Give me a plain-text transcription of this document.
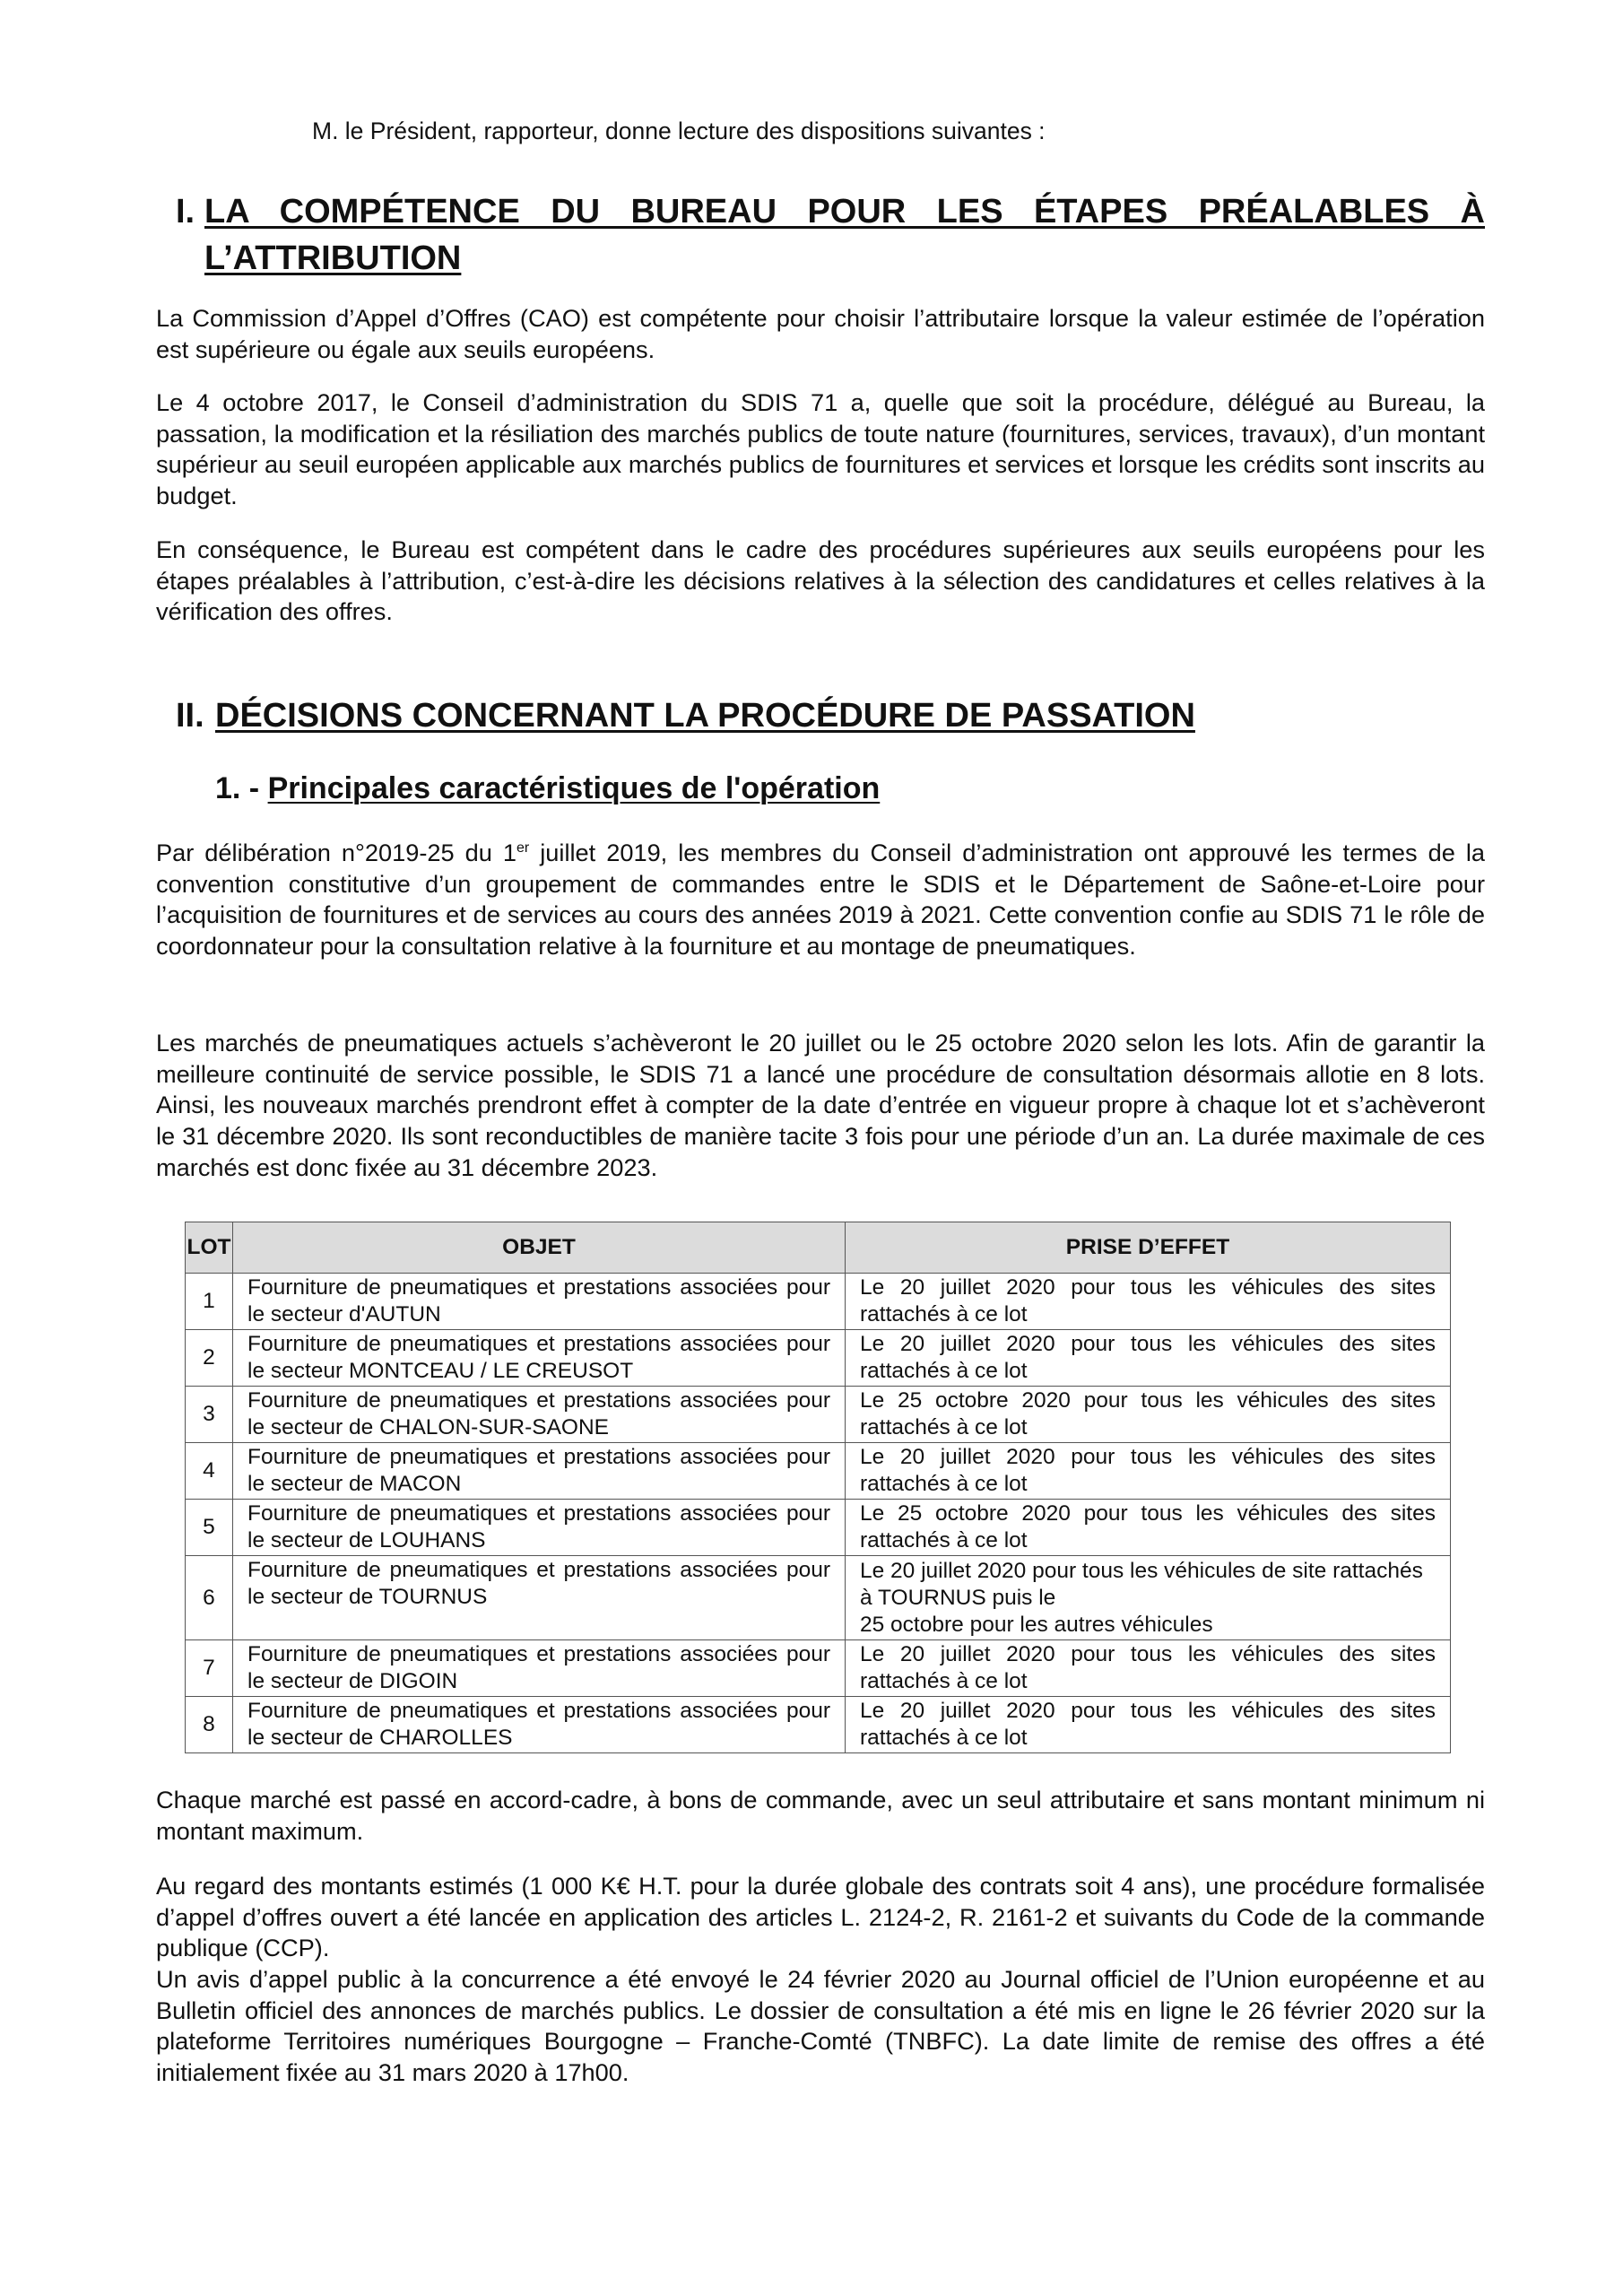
M. le Président, rapporteur, donne lecture des dispositions suivantes :
I. LA COMPÉTENCE DU BUREAU POUR LES ÉTAPES PRÉALABLES À L’ATTRIBUTION

La Commission d’Appel d’Offres (CAO) est compétente pour choisir l’attributaire lorsque la valeur estimée de l’opération est supérieure ou égale aux seuils européens.

Le 4 octobre 2017, le Conseil d’administration du SDIS 71 a, quelle que soit la procédure, délégué au Bureau, la passation, la modification et la résiliation des marchés publics de toute nature (fournitures, services, travaux), d’un montant supérieur au seuil européen applicable aux marchés publics de fournitures et services et lorsque les crédits sont inscrits au budget.

En conséquence, le Bureau est compétent dans le cadre des procédures supérieures aux seuils européens pour les étapes préalables à l’attribution, c’est-à-dire les décisions relatives à la sélection des candidatures et celles relatives à la vérification des offres.

II. DÉCISIONS CONCERNANT LA PROCÉDURE DE PASSATION
1. - Principales caractéristiques de l'opération

Par délibération n°2019-25 du 1er juillet 2019, les membres du Conseil d’administration ont approuvé les termes de la convention constitutive d’un groupement de commandes entre le SDIS et le Département de Saône-et-Loire pour l’acquisition de fournitures et de services au cours des années 2019 à 2021. Cette convention confie au SDIS 71 le rôle de coordonnateur pour la consultation relative à la fourniture et au montage de pneumatiques.

Les marchés de pneumatiques actuels s’achèveront le 20 juillet ou le 25 octobre 2020 selon les lots. Afin de garantir la meilleure continuité de service possible, le SDIS 71 a lancé une procédure de consultation désormais allotie en 8 lots. Ainsi, les nouveaux marchés prendront effet à compter de la date d’entrée en vigueur propre à chaque lot et s’achèveront le 31 décembre 2020. Ils sont reconductibles de manière tacite 3 fois pour une période d’un an. La durée maximale de ces marchés est donc fixée au 31 décembre 2023.

LOT	OBJET	PRISE D’EFFET
1	Fourniture de pneumatiques et prestations associées pour le secteur d'AUTUN	Le 20 juillet 2020 pour tous les véhicules des sites rattachés à ce lot
2	Fourniture de pneumatiques et prestations associées pour le secteur MONTCEAU / LE CREUSOT	Le 20 juillet 2020 pour tous les véhicules des sites rattachés à ce lot
3	Fourniture de pneumatiques et prestations associées pour le secteur de CHALON-SUR-SAONE	Le 25 octobre 2020 pour tous les véhicules des sites rattachés à ce lot
4	Fourniture de pneumatiques et prestations associées pour le secteur de MACON	Le 20 juillet 2020 pour tous les véhicules des sites rattachés à ce lot
5	Fourniture de pneumatiques et prestations associées pour le secteur de LOUHANS	Le 25 octobre 2020 pour tous les véhicules des sites rattachés à ce lot
6	Fourniture de pneumatiques et prestations associées pour le secteur de TOURNUS	Le 20 juillet 2020 pour tous les véhicules de site rattachés à TOURNUS puis le
25 octobre pour les autres véhicules
7	Fourniture de pneumatiques et prestations associées pour le secteur de DIGOIN	Le 20 juillet 2020 pour tous les véhicules des sites rattachés à ce lot
8	Fourniture de pneumatiques et prestations associées pour le secteur de CHAROLLES	Le 20 juillet 2020 pour tous les véhicules des sites rattachés à ce lot

Chaque marché est passé en accord-cadre, à bons de commande, avec un seul attributaire et sans montant minimum ni montant maximum.

Au regard des montants estimés (1 000 K€ H.T. pour la durée globale des contrats soit 4 ans), une procédure formalisée d’appel d’offres ouvert a été lancée en application des articles L. 2124-2, R. 2161-2 et suivants du Code de la commande publique (CCP).

Un avis d’appel public à la concurrence a été envoyé le 24 février 2020 au Journal officiel de l’Union européenne et au Bulletin officiel des annonces de marchés publics. Le dossier de consultation a été mis en ligne le 26 février 2020 sur la plateforme Territoires numériques Bourgogne – Franche-Comté (TNBFC). La date limite de remise des offres a été initialement fixée au 31 mars 2020 à 17h00.
